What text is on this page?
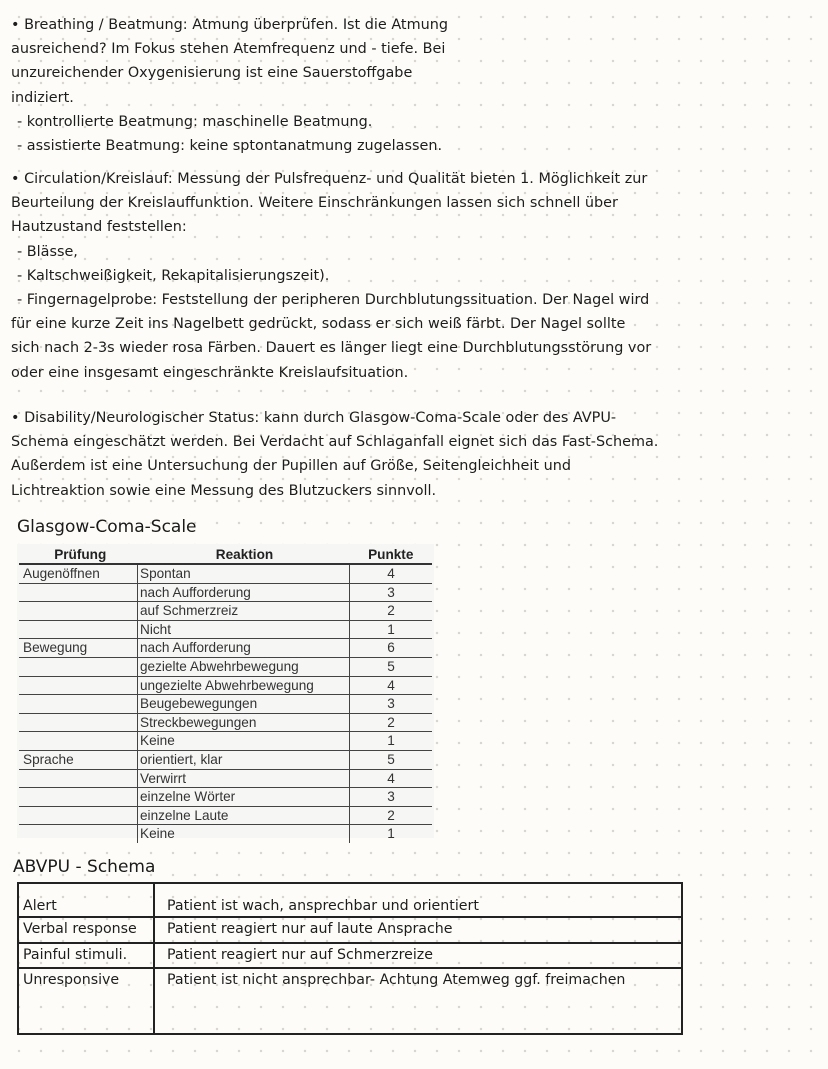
• Breathing / Beatmung: Atmung überprüfen. Ist die Atmung
ausreichend? Im Fokus stehen Atemfrequenz und - tiefe. Bei
unzureichender Oxygenisierung ist eine Sauerstoffgabe
indiziert.
- kontrollierte Beatmung: maschinelle Beatmung.
- assistierte Beatmung: keine sptontanatmung zugelassen.
• Circulation/Kreislauf: Messung der Pulsfrequenz- und Qualität bieten 1. Möglichkeit zur
Beurteilung der Kreislauffunktion. Weitere Einschränkungen lassen sich schnell über
Hautzustand feststellen:
- Blässe,
- Kaltschweißigkeit, Rekapitalisierungszeit).
- Fingernagelprobe: Feststellung der peripheren Durchblutungssituation. Der Nagel wird
für eine kurze Zeit ins Nagelbett gedrückt, sodass er sich weiß färbt. Der Nagel sollte
sich nach 2-3s wieder rosa Färben. Dauert es länger liegt eine Durchblutungsstörung vor
oder eine insgesamt eingeschränkte Kreislaufsituation.
• Disability/Neurologischer Status: kann durch Glasgow-Coma-Scale oder des AVPU-
Schema eingeschätzt werden. Bei Verdacht auf Schlaganfall eignet sich das Fast-Schema.
Außerdem ist eine Untersuchung der Pupillen auf Größe, Seitengleichheit und
Lichtreaktion sowie eine Messung des Blutzuckers sinnvoll.
Glasgow-Coma-Scale
Prüfung	Reaktion	Punkte
Augenöffnen	Spontan	4
	nach Aufforderung	3
	auf Schmerzreiz	2
	Nicht	1
Bewegung	nach Aufforderung	6
	gezielte Abwehrbewegung	5
	ungezielte Abwehrbewegung	4
	Beugebewegungen	3
	Streckbewegungen	2
	Keine	1
Sprache	orientiert, klar	5
	Verwirrt	4
	einzelne Wörter	3
	einzelne Laute	2
	Keine	1
ABVPU - Schema
Alert	Patient ist wach, ansprechbar und orientiert
Verbal response	Patient reagiert nur auf laute Ansprache
Painful stimuli.	Patient reagiert nur auf Schmerzreize
Unresponsive	Patient ist nicht ansprechbar- Achtung Atemweg ggf. freimachen
